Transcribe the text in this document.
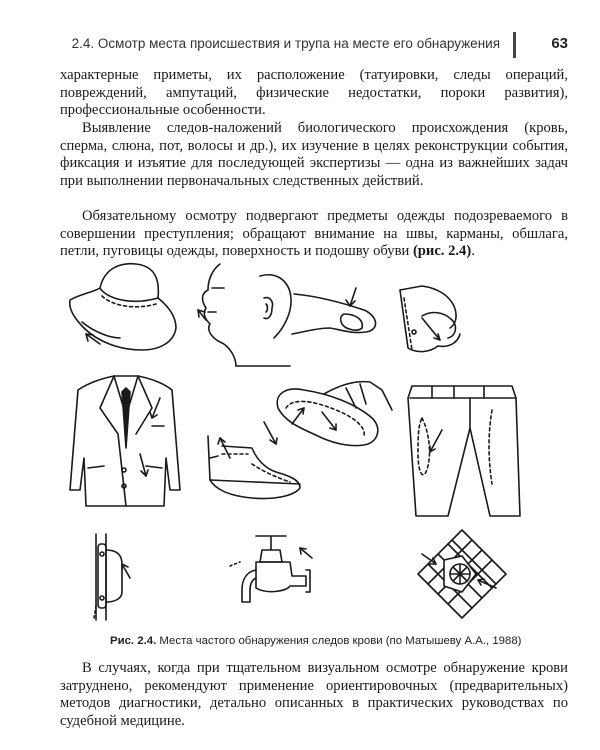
2.4. Осмотр места происшествия и трупа на месте его обнаружения	63

характерные приметы, их расположение (татуировки, следы операций, повреждений, ампутаций, физические недостатки, пороки развития), профессиональные особенности.

Выявление следов-наложений биологического происхождения (кровь, сперма, слюна, пот, волосы и др.), их изучение в целях реконструкции события, фиксация и изъятие для последующей экспертизы — одна из важнейших задач при выполнении первоначальных следственных действий.

Обязательному осмотру подвергают предметы одежды подозреваемого в совершении преступления; обращают внимание на швы, карманы, обшлага, петли, пуговицы одежды, поверхность и подошву обуви (рис. 2.4).

Рис. 2.4. Места частого обнаружения следов крови (по Матышеву А.А., 1988)

В случаях, когда при тщательном визуальном осмотре обнаружение крови затруднено, рекомендуют применение ориентировочных (предварительных) методов диагностики, детально описанных в практических руководствах по судебной медицине.
